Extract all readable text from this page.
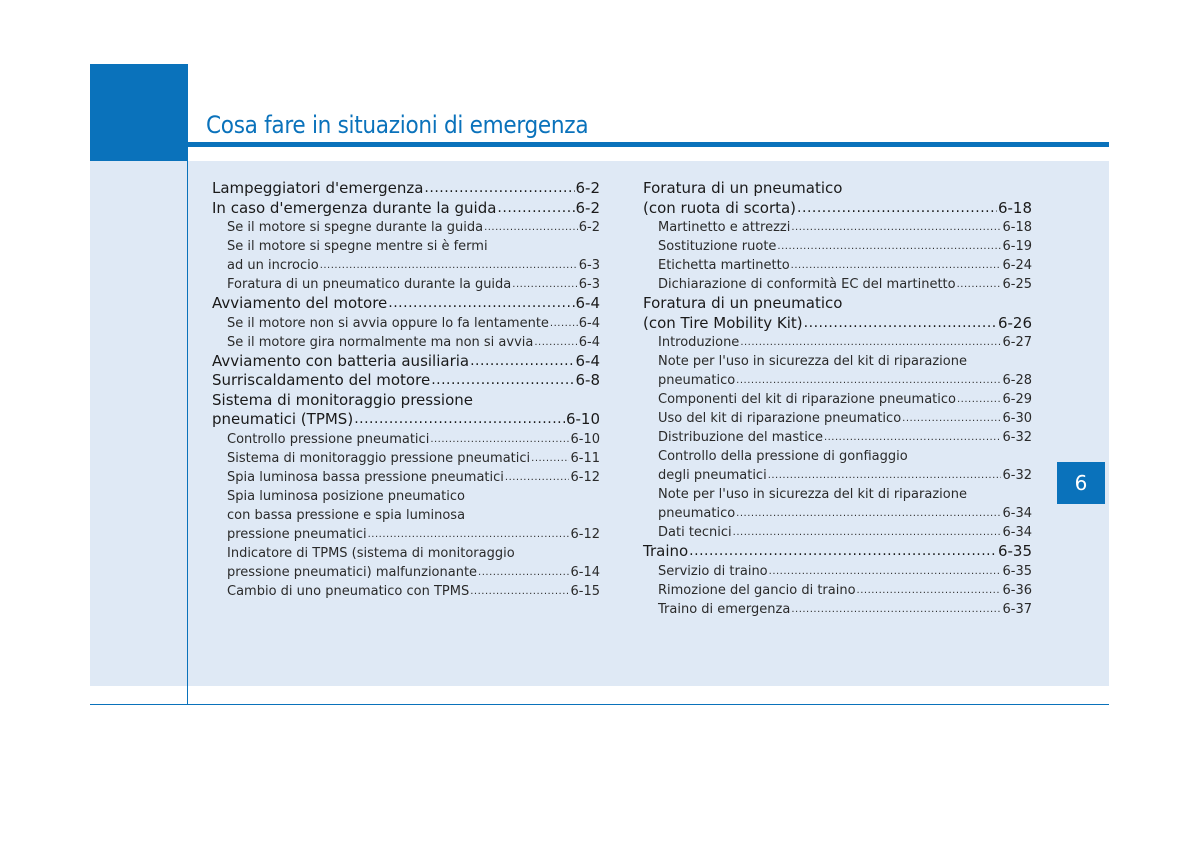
Cosa fare in situazioni di emergenza
6
Lampeggiatori d'emergenza .....	6-2
In caso d'emergenza durante la guida .....	6-2
Se il motore si spegne durante la guida .....	6-2
Se il motore si spegne mentre si è fermi
ad un incrocio .....	6-3
Foratura di un pneumatico durante la guida .....	6-3
Avviamento del motore .....	6-4
Se il motore non si avvia oppure lo fa lentamente ..... 6-4
Se il motore gira normalmente ma non si avvia .....	6-4
Avviamento con batteria ausiliaria .....	6-4
Surriscaldamento del motore .....	6-8
Sistema di monitoraggio pressione
pneumatici (TPMS) .....	6-10
Controllo pressione pneumatici .....	6-10
Sistema di monitoraggio pressione pneumatici .....	6-11
Spia luminosa bassa pressione pneumatici .....	6-12
Spia luminosa posizione pneumatico
con bassa pressione e spia luminosa
pressione pneumatici .....	6-12
Indicatore di TPMS (sistema di monitoraggio
pressione pneumatici) malfunzionante .....	6-14
Cambio di uno pneumatico con TPMS .....	6-15
Foratura di un pneumatico
(con ruota di scorta) .....	6-18
Martinetto e attrezzi .....	6-18
Sostituzione ruote .....	6-19
Etichetta martinetto .....	6-24
Dichiarazione di conformità EC del martinetto .....	6-25
Foratura di un pneumatico
(con Tire Mobility Kit) .....	6-26
Introduzione .....	6-27
Note per l'uso in sicurezza del kit di riparazione
pneumatico .....	6-28
Componenti del kit di riparazione pneumatico .....	6-29
Uso del kit di riparazione pneumatico .....	6-30
Distribuzione del mastice .....	6-32
Controllo della pressione di gonfiaggio
degli pneumatici .....	6-32
Note per l'uso in sicurezza del kit di riparazione
pneumatico .....	6-34
Dati tecnici .....	6-34
Traino .....	6-35
Servizio di traino .....	6-35
Rimozione del gancio di traino .....	6-36
Traino di emergenza .....	6-37
